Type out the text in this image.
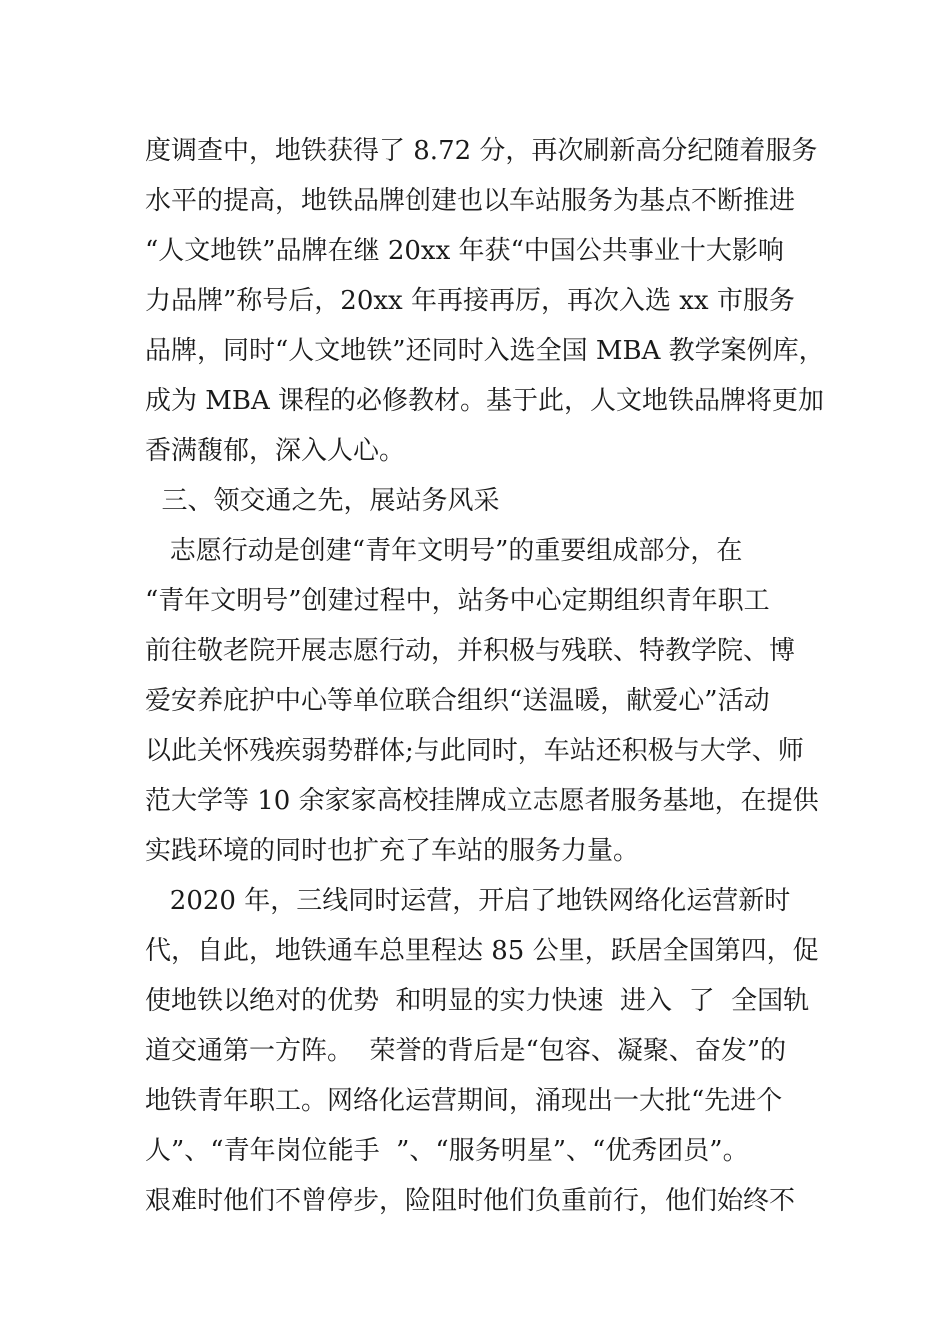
度调查中，地铁获得了 8.72 分，再次刷新高分纪随着服务
水平的提高，地铁品牌创建也以车站服务为基点不断推进
“人文地铁”品牌在继 20xx 年获“中国公共事业十大影响
力品牌”称号后，20xx 年再接再厉，再次入选 xx 市服务
品牌，同时“人文地铁”还同时入选全国 MBA 教学案例库，
成为 MBA 课程的必修教材。基于此，人文地铁品牌将更加
香满馥郁，深入人心。
三、领交通之先，展站务风采
志愿行动是创建“青年文明号”的重要组成部分，在
“青年文明号”创建过程中，站务中心定期组织青年职工
前往敬老院开展志愿行动，并积极与残联、特教学院、博
爱安养庇护中心等单位联合组织“送温暖，献爱心”活动
以此关怀残疾弱势群体;与此同时，车站还积极与大学、师
范大学等 10 余家家高校挂牌成立志愿者服务基地，在提供
实践环境的同时也扩充了车站的服务力量。
2020 年，三线同时运营，开启了地铁网络化运营新时
代，自此，地铁通车总里程达 85 公里，跃居全国第四，促
使地铁以绝对的优势  和明显的实力快速  进入  了  全国轨
道交通第一方阵。  荣誉的背后是“包容、凝聚、奋发”的
地铁青年职工。网络化运营期间，涌现出一大批“先进个
人”、“青年岗位能手  ”、“服务明星”、“优秀团员”。
艰难时他们不曾停步，险阻时他们负重前行，他们始终不
